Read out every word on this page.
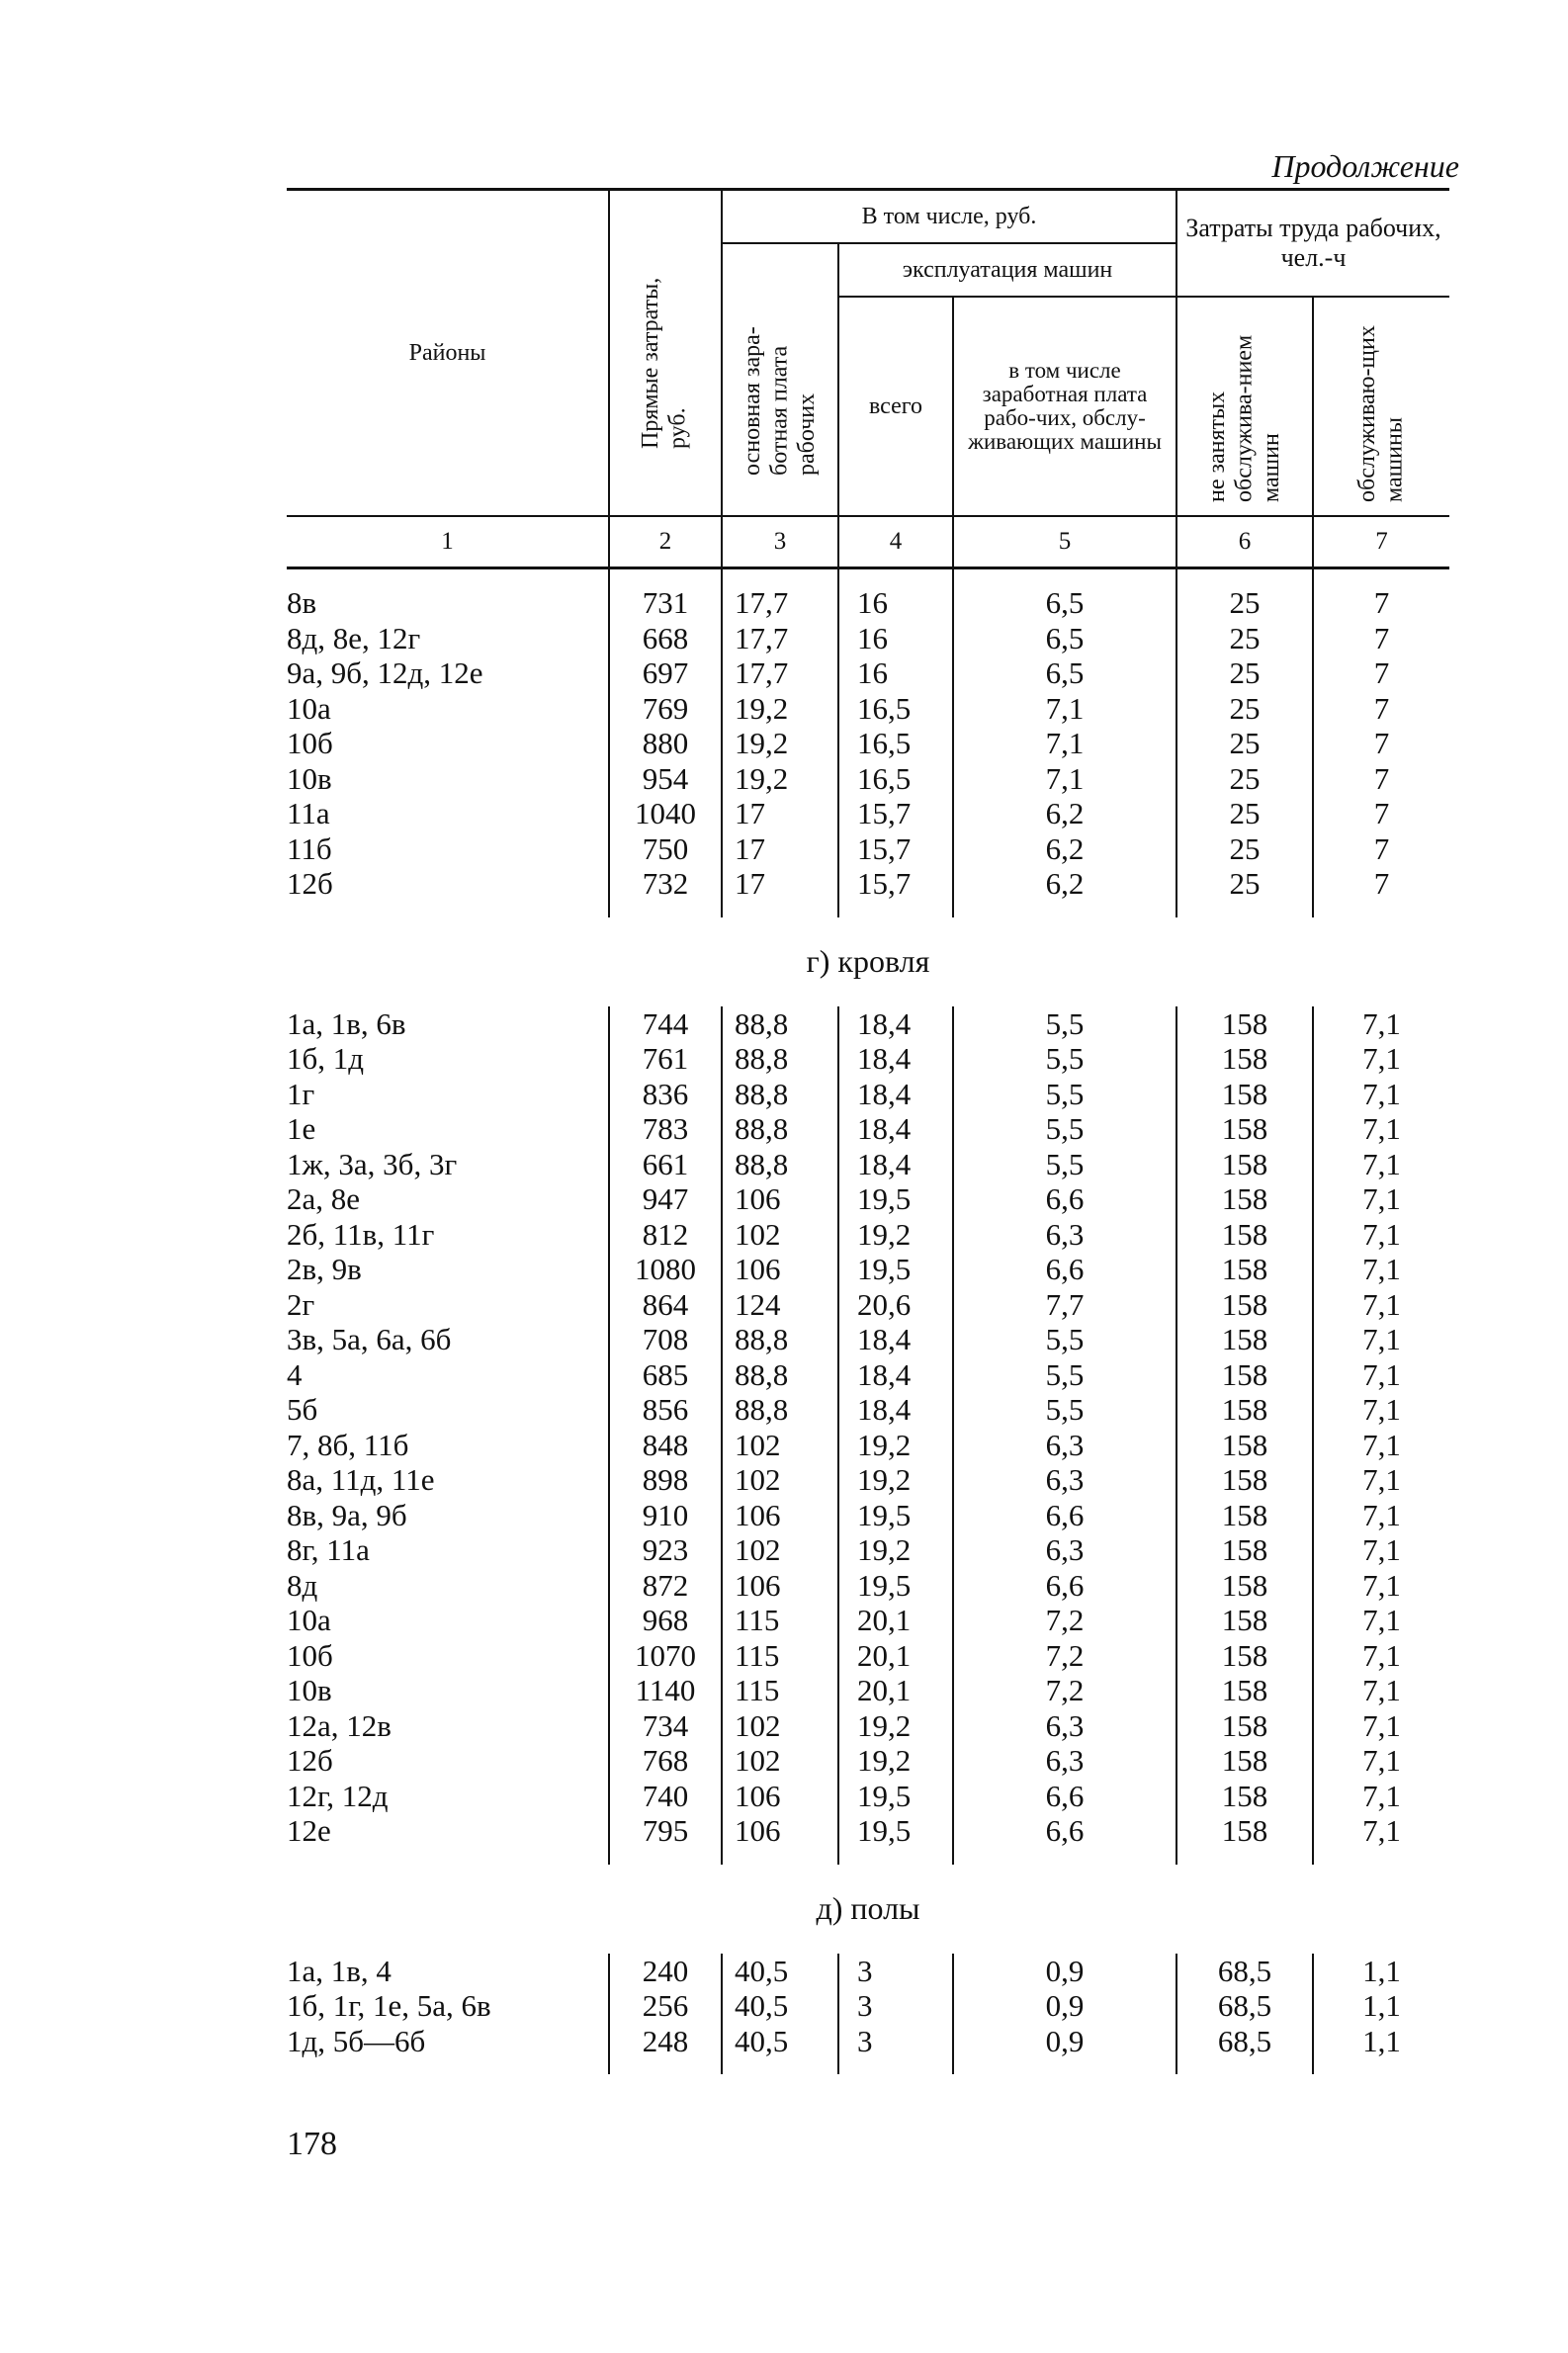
Продолжение
Районы	Прямые затраты, руб.	В том числе, руб.			Затраты труда рабочих, чел.-ч	
		основная зара-ботная плата рабочих	эксплуатация машин			
			всего	в том числе заработная плата рабо-чих, обслу-живающих машины	не занятых обслужива-нием машин	обслуживаю-щих машины
1	2	3	4	5	6	7

8в	731	17,7	16	6,5	25	7
8д, 8е, 12г	668	17,7	16	6,5	25	7
9а, 9б, 12д, 12е	697	17,7	16	6,5	25	7
10а	769	19,2	16,5	7,1	25	7
10б	880	19,2	16,5	7,1	25	7
10в	954	19,2	16,5	7,1	25	7
11а	1040	17	15,7	6,2	25	7
11б	750	17	15,7	6,2	25	7
12б	732	17	15,7	6,2	25	7

г) кровля						
1а, 1в, 6в	744	88,8	18,4	5,5	158	7,1
1б, 1д	761	88,8	18,4	5,5	158	7,1
1г	836	88,8	18,4	5,5	158	7,1
1е	783	88,8	18,4	5,5	158	7,1
1ж, 3а, 3б, 3г	661	88,8	18,4	5,5	158	7,1
2а, 8е	947	106	19,5	6,6	158	7,1
2б, 11в, 11г	812	102	19,2	6,3	158	7,1
2в, 9в	1080	106	19,5	6,6	158	7,1
2г	864	124	20,6	7,7	158	7,1
3в, 5а, 6а, 6б	708	88,8	18,4	5,5	158	7,1
4	685	88,8	18,4	5,5	158	7,1
5б	856	88,8	18,4	5,5	158	7,1
7, 8б, 11б	848	102	19,2	6,3	158	7,1
8а, 11д, 11е	898	102	19,2	6,3	158	7,1
8в, 9а, 9б	910	106	19,5	6,6	158	7,1
8г, 11а	923	102	19,2	6,3	158	7,1
8д	872	106	19,5	6,6	158	7,1
10а	968	115	20,1	7,2	158	7,1
10б	1070	115	20,1	7,2	158	7,1
10в	1140	115	20,1	7,2	158	7,1
12а, 12в	734	102	19,2	6,3	158	7,1
12б	768	102	19,2	6,3	158	7,1
12г, 12д	740	106	19,5	6,6	158	7,1
12е	795	106	19,5	6,6	158	7,1

д) полы						
1а, 1в, 4	240	40,5	3	0,9	68,5	1,1
1б, 1г, 1е, 5а, 6в	256	40,5	3	0,9	68,5	1,1
1д, 5б—6б	248	40,5	3	0,9	68,5	1,1

178
